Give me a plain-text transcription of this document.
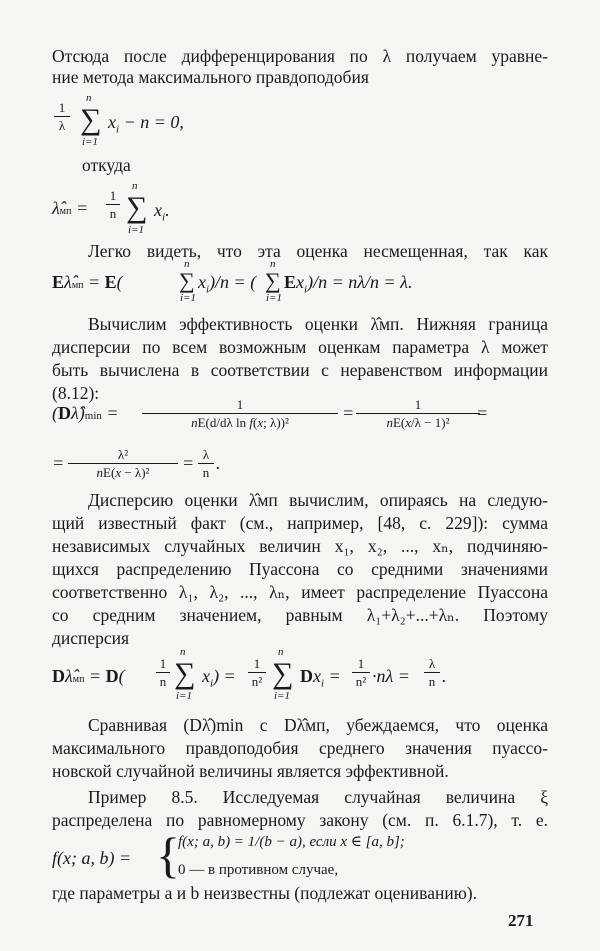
Отсюда после дифференцирования по λ получаем уравне-
ние метода максимального правдоподобия
1
λ
n
∑
i=1
$x_i - n = 0$,
откуда
λ̂мп =
1
n
n
∑
i=1
$x_i$.
Легко видеть, что эта оценка несмещенная, так как
Eλ̂мп = E(
n
∑
i=1
$x_i)/n$ = (
n
∑
i=1
$Ex_i)/n = n\lambda/n = \lambda$.
Вычислим эффективность оценки λ̂мп. Нижняя граница
дисперсии по всем возможным оценкам параметра λ может
быть вычислена в соответствии с неравенством информации
(8.12):
(Dλ̂)min =	1
nE(d/dλ ln f(x; λ))²	=	1
nE(x/λ − 1)²	=
=	λ²
nE(x − λ)²	= λ
n .
Дисперсию оценки λ̂мп вычислим, опираясь на следую-
щий известный факт (см., например, [48, с. 229]): сумма
независимых случайных величин x₁, x₂, ..., xₙ, подчиняю-
щихся распределению Пуассона со средними значениями
соответственно λ₁, λ₂, ..., λₙ, имеет распределение Пуассона
со средним значением, равным λ₁+λ₂+...+λₙ. Поэтому
дисперсия
Dλ̂мп = D(
1
n
n
∑
i=1
$x_i$) =
1
n²
n
∑
i=1
$Dx_i$ =
1
n² ·nλ =
λ
n .
Сравнивая (Dλ̂)min с Dλ̂мп, убеждаемся, что оценка
максимального правдоподобия среднего значения пуассо-
новской случайной величины является эффективной.
Пример 8.5. Исследуемая случайная величина ξ
распределена по равномерному закону (см. п. 6.1.7), т. е.
f(x; a, b) = {
f(x; a, b) = 1/(b − a), если x ∈ [a, b];
0 — в противном случае,
где параметры a и b неизвестны (подлежат оцениванию).
271
